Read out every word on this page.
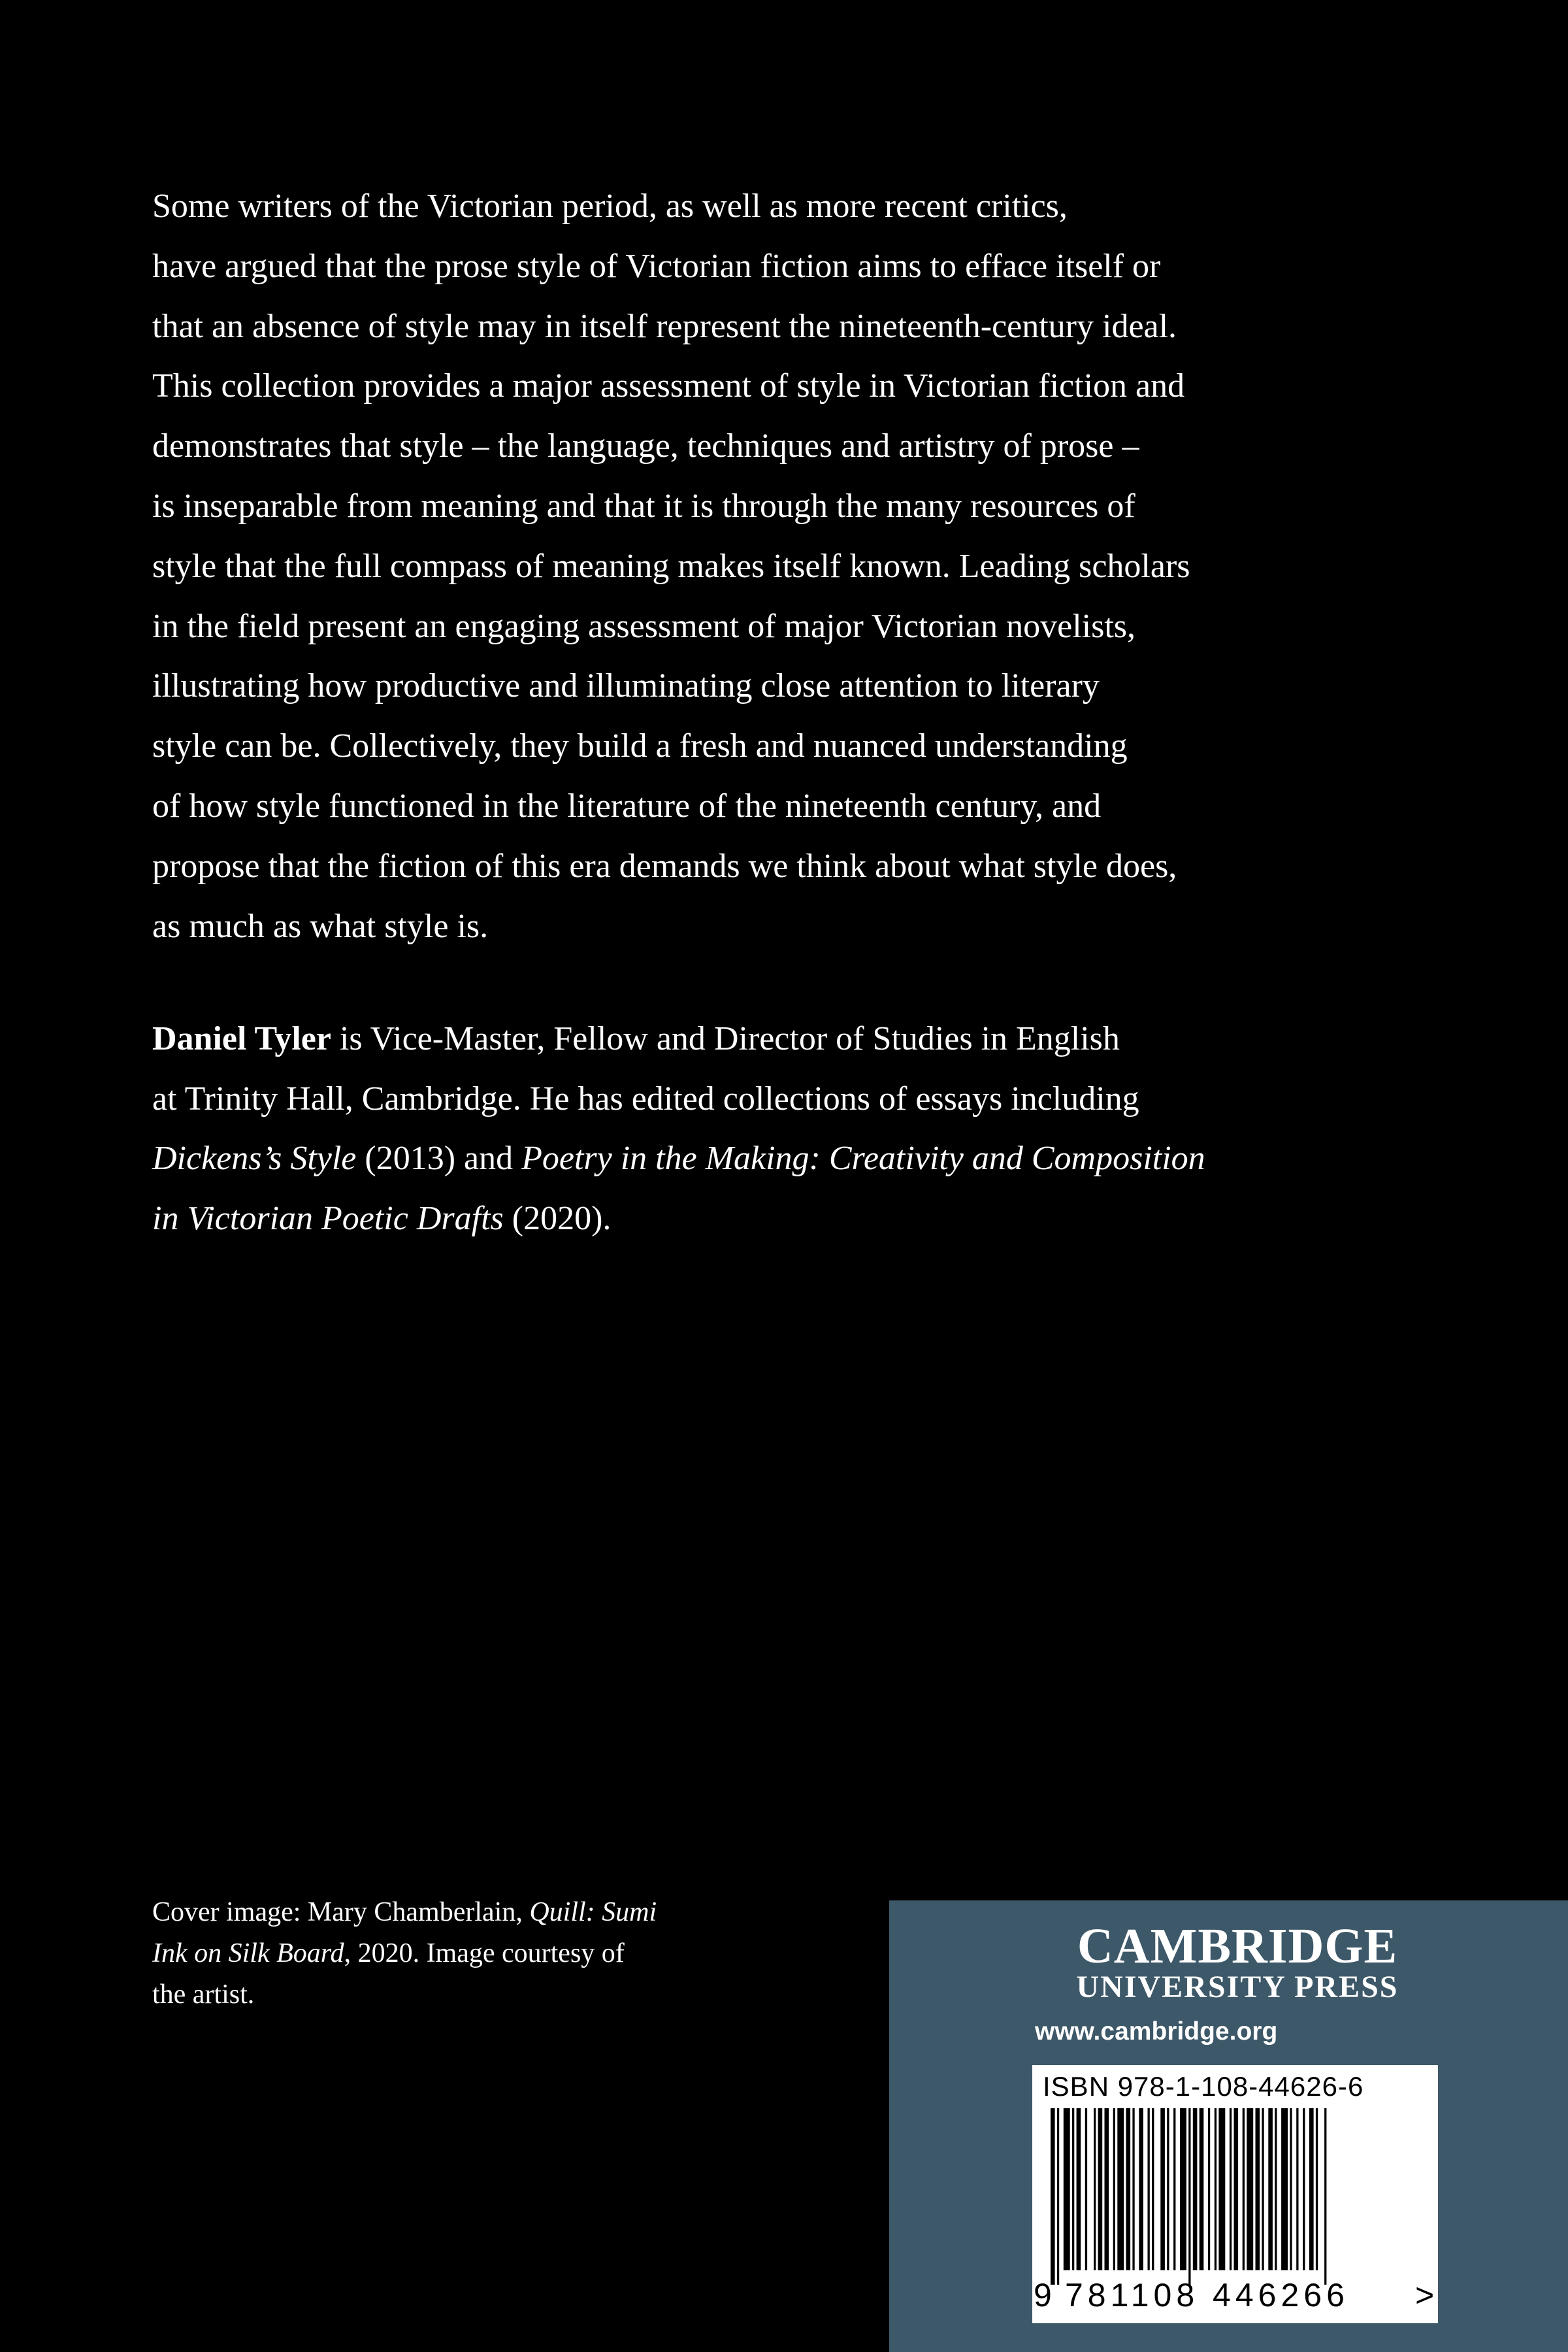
Some writers of the Victorian period, as well as more recent critics,
have argued that the prose style of Victorian fiction aims to efface itself or
that an absence of style may in itself represent the nineteenth-century ideal.
This collection provides a major assessment of style in Victorian fiction and
demonstrates that style – the language, techniques and artistry of prose –
is inseparable from meaning and that it is through the many resources of
style that the full compass of meaning makes itself known. Leading scholars
in the field present an engaging assessment of major Victorian novelists,
illustrating how productive and illuminating close attention to literary
style can be. Collectively, they build a fresh and nuanced understanding
of how style functioned in the literature of the nineteenth century, and
propose that the fiction of this era demands we think about what style does,
as much as what style is.
Daniel Tyler is Vice-Master, Fellow and Director of Studies in English
at Trinity Hall, Cambridge. He has edited collections of essays including
Dickens’s Style (2013) and Poetry in the Making: Creativity and Composition
in Victorian Poetic Drafts (2020).
Cover image: Mary Chamberlain, Quill: Sumi
Ink on Silk Board, 2020. Image courtesy of
the artist.
CAMBRIDGE
UNIVERSITY PRESS
www.cambridge.org
ISBN 978-1-108-44626-6
9 781108 446266 >
